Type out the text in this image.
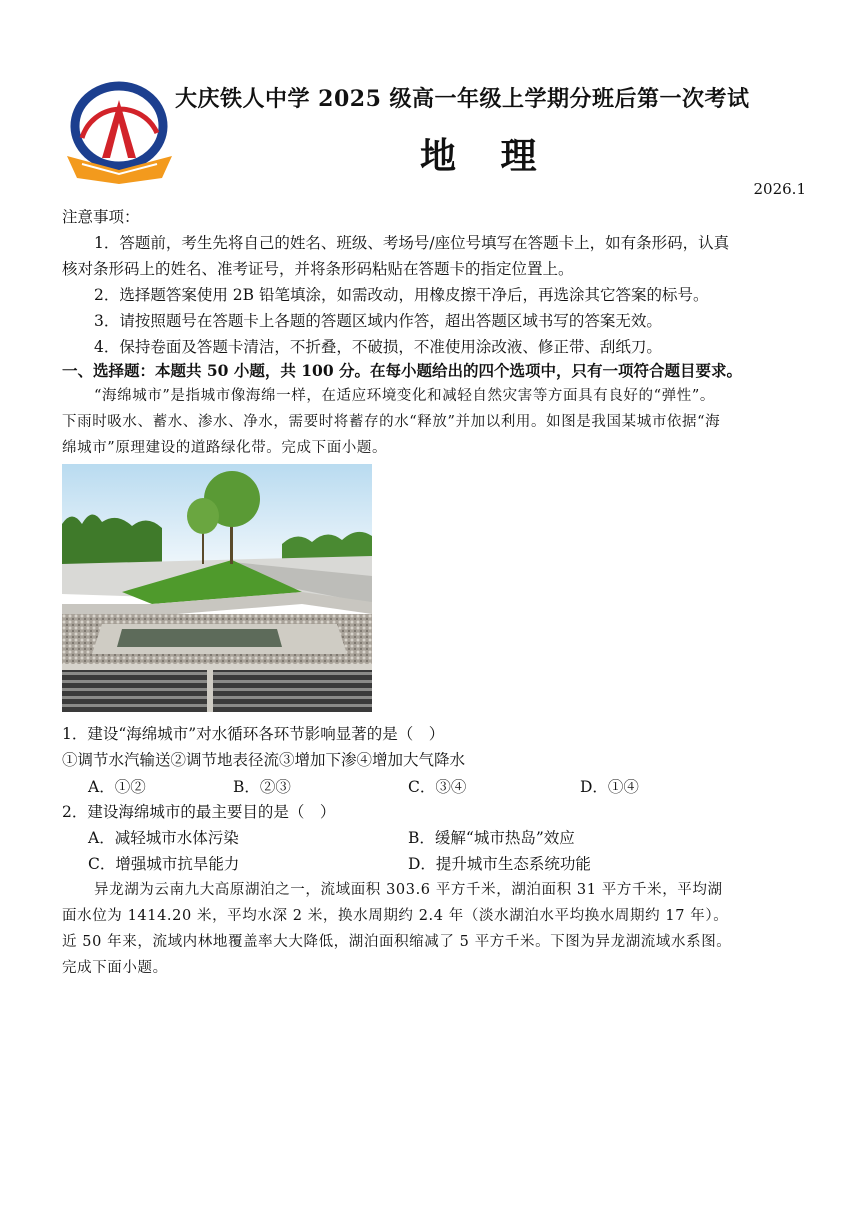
大庆铁人中学 2025 级高一年级上学期分班后第一次考试
地 理
2026.1
注意事项：
1．答题前，考生先将自己的姓名、班级、考场号/座位号填写在答题卡上，如有条形码，认真
核对条形码上的姓名、准考证号，并将条形码粘贴在答题卡的指定位置上。
2．选择题答案使用 2B 铅笔填涂，如需改动，用橡皮擦干净后，再选涂其它答案的标号。
3．请按照题号在答题卡上各题的答题区域内作答，超出答题区域书写的答案无效。
4．保持卷面及答题卡清洁，不折叠，不破损，不准使用涂改液、修正带、刮纸刀。
一、选择题：本题共 50 小题，共 100 分。在每小题给出的四个选项中，只有一项符合题目要求。
“海绵城市”是指城市像海绵一样，在适应环境变化和减轻自然灾害等方面具有良好的“弹性”。
下雨时吸水、蓄水、渗水、净水，需要时将蓄存的水“释放”并加以利用。如图是我国某城市依据“海
绵城市”原理建设的道路绿化带。完成下面小题。
1．建设“海绵城市”对水循环各环节影响显著的是（　）
①调节水汽输送②调节地表径流③增加下渗④增加大气降水
A．①②	B．②③	C．③④	D．①④
2．建设海绵城市的最主要目的是（　）
A．减轻城市水体污染	B．缓解“城市热岛”效应
C．增强城市抗旱能力	D．提升城市生态系统功能
异龙湖为云南九大高原湖泊之一，流域面积 303.6 平方千米，湖泊面积 31 平方千米，平均湖
面水位为 1414.20 米，平均水深 2 米，换水周期约 2.4 年（淡水湖泊水平均换水周期约 17 年）。
近 50 年来，流域内林地覆盖率大大降低，湖泊面积缩减了 5 平方千米。下图为异龙湖流域水系图。
完成下面小题。
